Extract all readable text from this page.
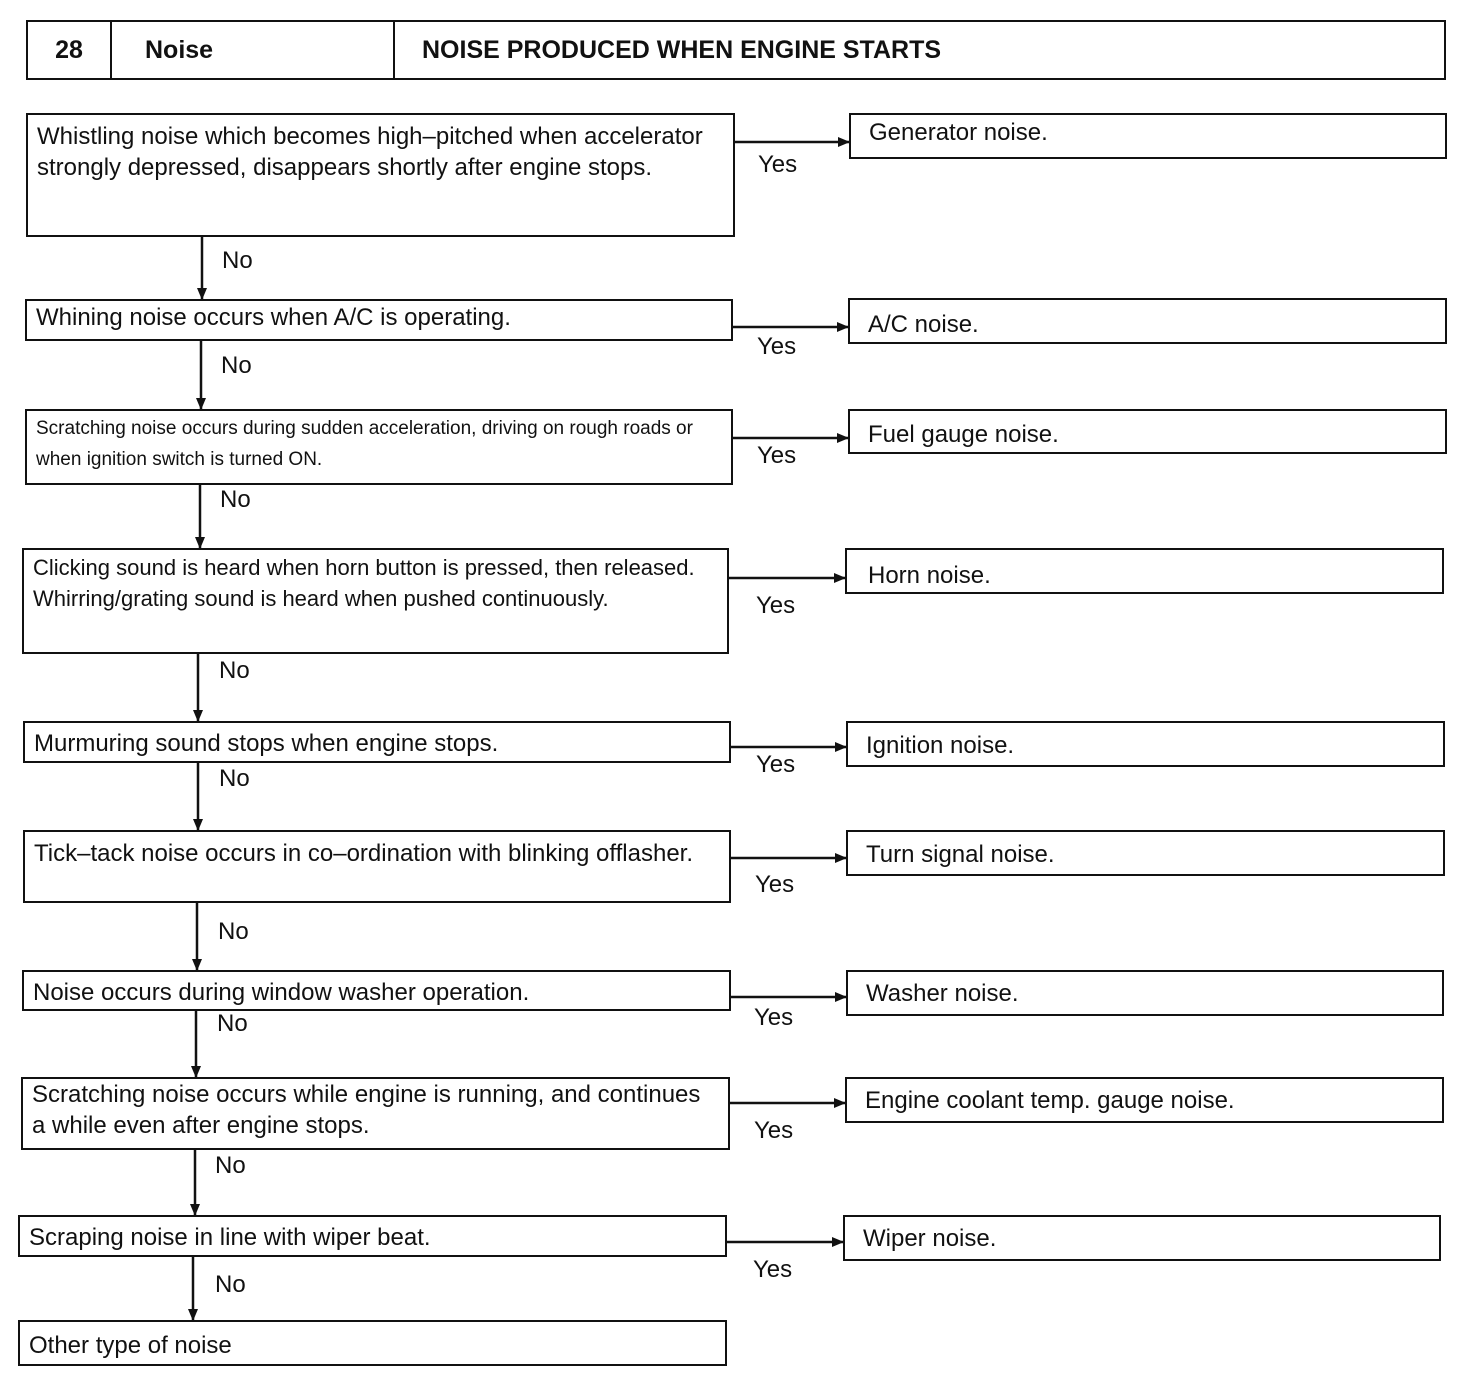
28	Noise	NOISE PRODUCED WHEN ENGINE STARTS
Whistling noise which becomes high–pitched when accelerator strongly depressed, disappears shortly after engine stops.
Whining noise occurs when A/C is operating.
Scratching noise occurs during sudden acceleration, driving on rough roads or when ignition switch is turned ON.
Clicking sound is heard when horn button is pressed, then released. Whirring/grating sound is heard when pushed continuously.
Murmuring sound stops when engine stops.
Tick–tack noise occurs in co–ordination with blinking offlasher.
Noise occurs during window washer operation.
Scratching noise occurs while engine is running, and continues a while even after engine stops.
Scraping noise in line with wiper beat.
Other type of noise
Generator noise.
A/C noise.
Fuel gauge noise.
Horn noise.
Ignition noise.
Turn signal noise.
Washer noise.
Engine coolant temp. gauge noise.
Wiper noise.
Yes
Yes
Yes
Yes
Yes
Yes
Yes
Yes
Yes
No
No
No
No
No
No
No
No
No
